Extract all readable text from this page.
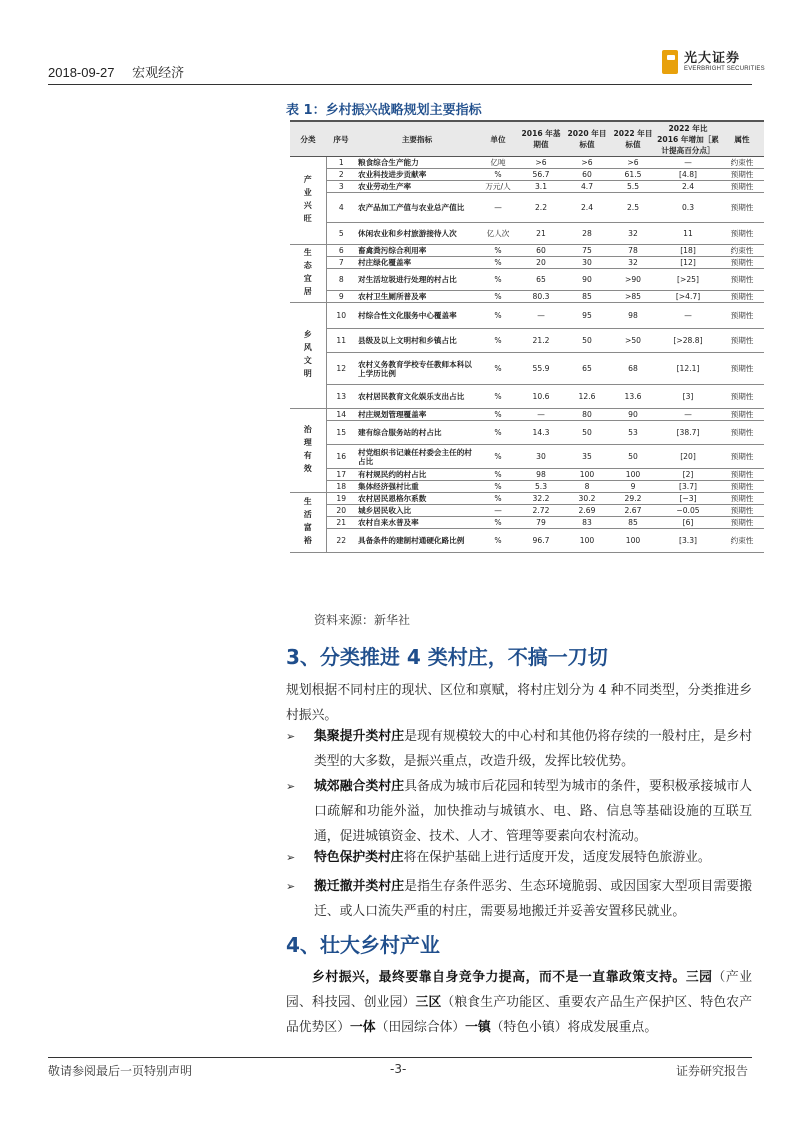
2018-09-27 宏观经济
光大证券
EVERBRIGHT SECURITIES
表 1：乡村振兴战略规划主要指标
分类	序号	主要指标	单位	2016 年基期值	2020 年目标值	2022 年目标值	2022 年比 2016 年增加［累计提高百分点］	属性
产业兴旺	1	粮食综合生产能力	亿吨	>6	>6	>6	—	约束性
	2	农业科技进步贡献率	%	56.7	60	61.5	[4.8]	预期性
	3	农业劳动生产率	万元/人	3.1	4.7	5.5	2.4	预期性
	4	农产品加工产值与农业总产值比	—	2.2	2.4	2.5	0.3	预期性
	5	休闲农业和乡村旅游接待人次	亿人次	21	28	32	11	预期性
生态宜居	6	畜禽粪污综合利用率	%	60	75	78	[18]	约束性
	7	村庄绿化覆盖率	%	20	30	32	[12]	预期性
	8	对生活垃圾进行处理的村占比	%	65	90	>90	[>25]	预期性
	9	农村卫生厕所普及率	%	80.3	85	>85	[>4.7]	预期性
乡风文明	10	村综合性文化服务中心覆盖率	%	—	95	98	—	预期性
	11	县级及以上文明村和乡镇占比	%	21.2	50	>50	[>28.8]	预期性
	12	农村义务教育学校专任教师本科以上学历比例	%	55.9	65	68	[12.1]	预期性
	13	农村居民教育文化娱乐支出占比	%	10.6	12.6	13.6	[3]	预期性
治理有效	14	村庄规划管理覆盖率	%	—	80	90	—	预期性
	15	建有综合服务站的村占比	%	14.3	50	53	[38.7]	预期性
	16	村党组织书记兼任村委会主任的村占比	%	30	35	50	[20]	预期性
	17	有村规民约的村占比	%	98	100	100	[2]	预期性
	18	集体经济强村比重	%	5.3	8	9	[3.7]	预期性
生活富裕	19	农村居民恩格尔系数	%	32.2	30.2	29.2	[−3]	预期性
	20	城乡居民收入比	—	2.72	2.69	2.67	−0.05	预期性
	21	农村自来水普及率	%	79	83	85	[6]	预期性
	22	具备条件的建制村通硬化路比例	%	96.7	100	100	[3.3]	约束性
资料来源：新华社
3、分类推进 4 类村庄，不搞一刀切
规划根据不同村庄的现状、区位和禀赋，将村庄划分为 4 种不同类型，分类推进乡村振兴。
➢	集聚提升类村庄是现有规模较大的中心村和其他仍将存续的一般村庄，是乡村类型的大多数，是振兴重点，改造升级，发挥比较优势。
➢	城郊融合类村庄具备成为城市后花园和转型为城市的条件，要积极承接城市人口疏解和功能外溢，加快推动与城镇水、电、路、信息等基础设施的互联互通，促进城镇资金、技术、人才、管理等要素向农村流动。
➢	特色保护类村庄将在保护基础上进行适度开发，适度发展特色旅游业。
➢	搬迁撤并类村庄是指生存条件恶劣、生态环境脆弱、或因国家大型项目需要搬迁、或人口流失严重的村庄，需要易地搬迁并妥善安置移民就业。
4、壮大乡村产业
乡村振兴，最终要靠自身竞争力提高，而不是一直靠政策支持。三园（产业园、科技园、创业园）三区（粮食生产功能区、重要农产品生产保护区、特色农产品优势区）一体（田园综合体）一镇（特色小镇）将成发展重点。
敬请参阅最后一页特别声明	-3-	证券研究报告
